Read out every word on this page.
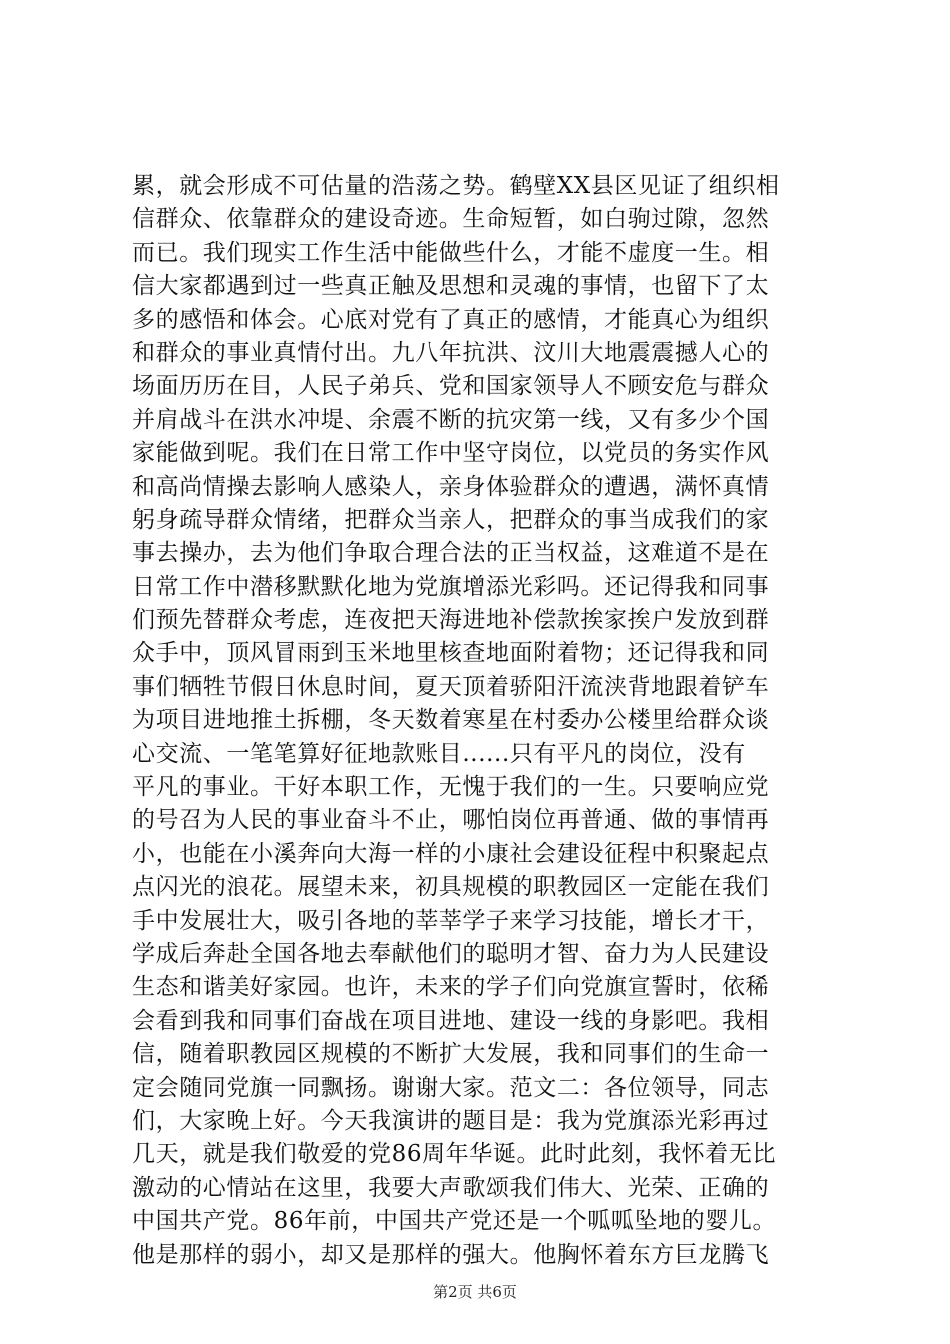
累，就会形成不可估量的浩荡之势。鹤壁XX县区见证了组织相
信群众、依靠群众的建设奇迹。生命短暂，如白驹过隙，忽然
而已。我们现实工作生活中能做些什么，才能不虚度一生。相
信大家都遇到过一些真正触及思想和灵魂的事情，也留下了太
多的感悟和体会。心底对党有了真正的感情，才能真心为组织
和群众的事业真情付出。九八年抗洪、汶川大地震震撼人心的
场面历历在目，人民子弟兵、党和国家领导人不顾安危与群众
并肩战斗在洪水冲堤、余震不断的抗灾第一线，又有多少个国
家能做到呢。我们在日常工作中坚守岗位，以党员的务实作风
和高尚情操去影响人感染人，亲身体验群众的遭遇，满怀真情
躬身疏导群众情绪，把群众当亲人，把群众的事当成我们的家
事去操办，去为他们争取合理合法的正当权益，这难道不是在
日常工作中潜移默默化地为党旗增添光彩吗。还记得我和同事
们预先替群众考虑，连夜把天海进地补偿款挨家挨户发放到群
众手中，顶风冒雨到玉米地里核查地面附着物；还记得我和同
事们牺牲节假日休息时间，夏天顶着骄阳汗流浃背地跟着铲车
为项目进地推土拆棚，冬天数着寒星在村委办公楼里给群众谈
心交流、一笔笔算好征地款账目......只有平凡的岗位，没有
平凡的事业。干好本职工作，无愧于我们的一生。只要响应党
的号召为人民的事业奋斗不止，哪怕岗位再普通、做的事情再
小，也能在小溪奔向大海一样的小康社会建设征程中积聚起点
点闪光的浪花。展望未来，初具规模的职教园区一定能在我们
手中发展壮大，吸引各地的莘莘学子来学习技能，增长才干，
学成后奔赴全国各地去奉献他们的聪明才智、奋力为人民建设
生态和谐美好家园。也许，未来的学子们向党旗宣誓时，依稀
会看到我和同事们奋战在项目进地、建设一线的身影吧。我相
信，随着职教园区规模的不断扩大发展，我和同事们的生命一
定会随同党旗一同飘扬。谢谢大家。范文二：各位领导，同志
们，大家晚上好。今天我演讲的题目是：我为党旗添光彩再过
几天，就是我们敬爱的党86周年华诞。此时此刻，我怀着无比
激动的心情站在这里，我要大声歌颂我们伟大、光荣、正确的
中国共产党。86年前，中国共产党还是一个呱呱坠地的婴儿。
他是那样的弱小，却又是那样的强大。他胸怀着东方巨龙腾飞
第2页 共6页
